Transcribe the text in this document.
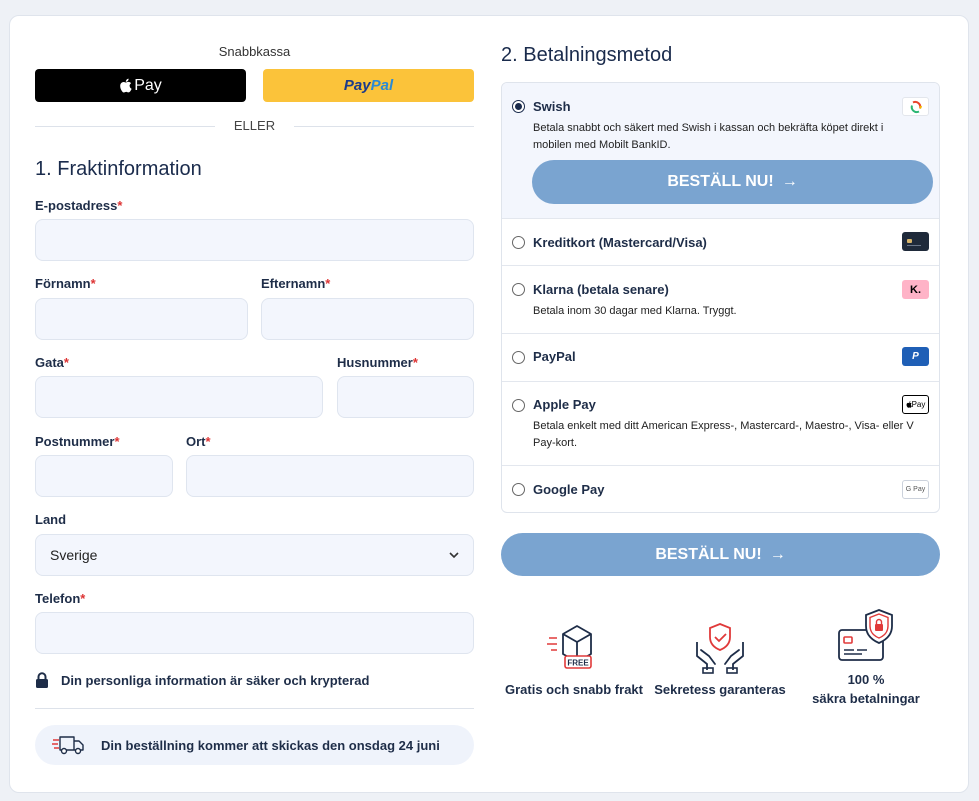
Snabbkassa
Pay	Pay Pal
ELLER
1. Fraktinformation
E-postadress*
Förnamn*	Efternamn*
Gata*	Husnummer*
Postnummer*	Ort*
Land
Sverige
Telefon*
Din personliga information är säker och krypterad
Din beställning kommer att skickas den onsdag 24 juni
2. Betalningsmetod
Swish
Betala snabbt och säkert med Swish i kassan och bekräfta köpet direkt i mobilen med Mobilt BankID.
BESTÄLL NU! →
Kreditkort (Mastercard/Visa)
Klarna (betala senare)
Betala inom 30 dagar med Klarna. Tryggt.
K.
PayPal	P
Apple Pay
Betala enkelt med ditt American Express-, Mastercard-, Maestro-, Visa- eller V Pay-kort.
Pay
Google Pay	G Pay
BESTÄLL NU! →
FREE
Gratis och snabb frakt Sekretess garanteras
100 %
säkra betalningar
